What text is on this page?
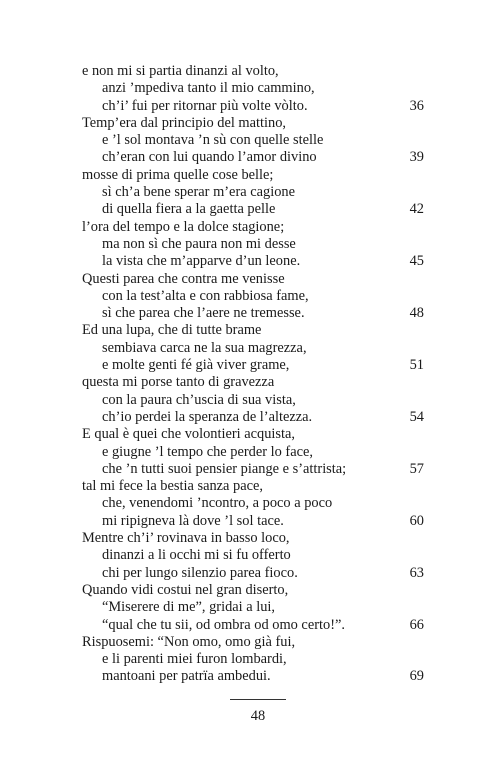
e non mi si partia dinanzi al volto,
anzi ’mpediva tanto il mio cammino,
ch’i’ fui per ritornar più volte vòlto.	36
Temp’era dal principio del mattino,
e ’l sol montava ’n sù con quelle stelle
ch’eran con lui quando l’amor divino	39
mosse di prima quelle cose belle;
sì ch’a bene sperar m’era cagione
di quella fiera a la gaetta pelle	42
l’ora del tempo e la dolce stagione;
ma non sì che paura non mi desse
la vista che m’apparve d’un leone.	45
Questi parea che contra me venisse
con la test’alta e con rabbiosa fame,
sì che parea che l’aere ne tremesse.	48
Ed una lupa, che di tutte brame
sembiava carca ne la sua magrezza,
e molte genti fé già viver grame,	51
questa mi porse tanto di gravezza
con la paura ch’uscia di sua vista,
ch’io perdei la speranza de l’altezza.	54
E qual è quei che volontieri acquista,
e giugne ’l tempo che perder lo face,
che ’n tutti suoi pensier piange e s’attrista;	57
tal mi fece la bestia sanza pace,
che, venendomi ’ncontro, a poco a poco
mi ripigneva là dove ’l sol tace.	60
Mentre ch’i’ rovinava in basso loco,
dinanzi a li occhi mi si fu offerto
chi per lungo silenzio parea fioco.	63
Quando vidi costui nel gran diserto,
“Miserere di me”, gridai a lui,
“qual che tu sii, od ombra od omo certo!”.	66
Rispuosemi: “Non omo, omo già fui,
e li parenti miei furon lombardi,
mantoani per patrïa ambedui.	69
48
